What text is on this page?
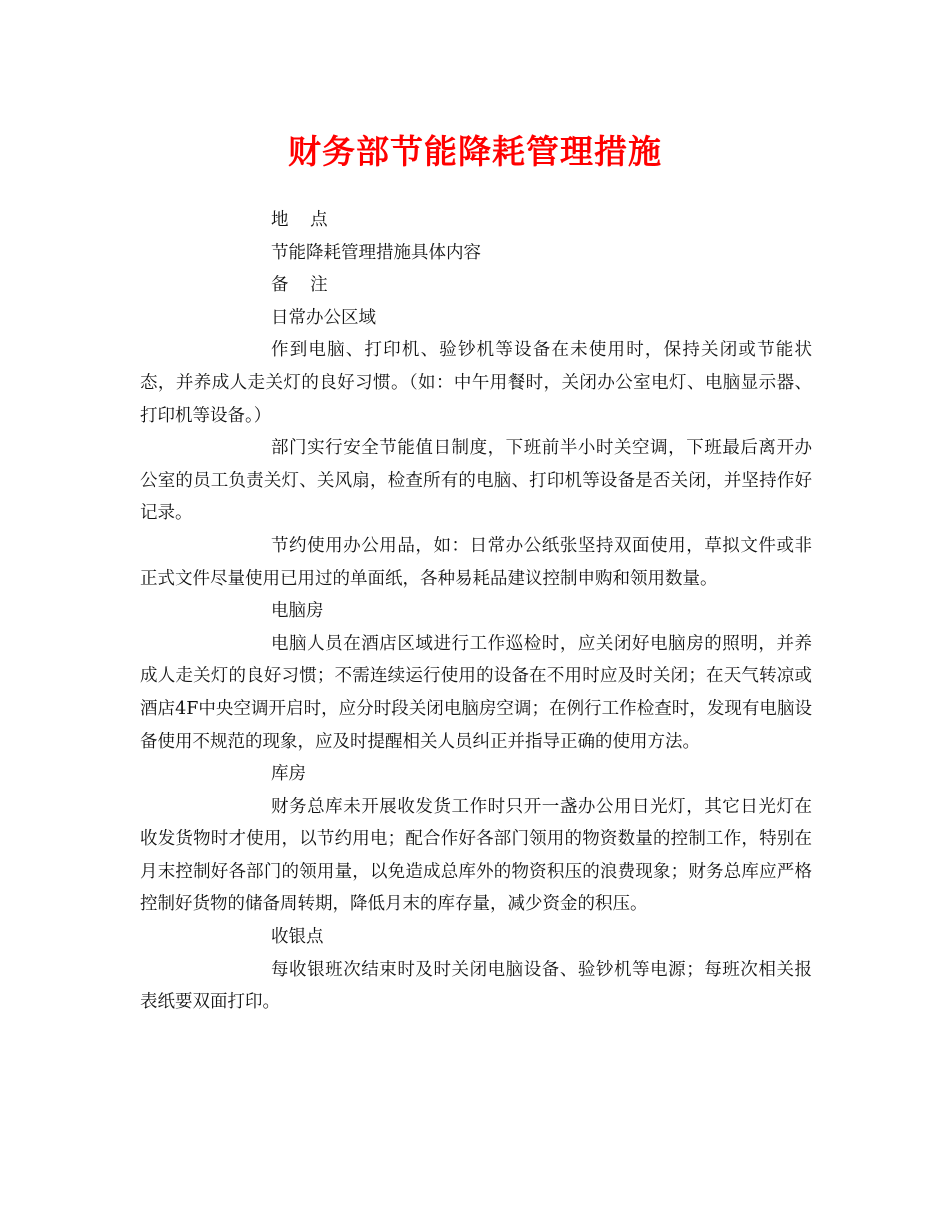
财务部节能降耗管理措施

地 点

节能降耗管理措施具体内容

备 注

日常办公区域

作到电脑、打印机、验钞机等设备在未使用时，保持关闭或节能状态，并养成人走关灯的良好习惯。（如：中午用餐时，关闭办公室电灯、电脑显示器、打印机等设备。）

部门实行安全节能值日制度，下班前半小时关空调，下班最后离开办公室的员工负责关灯、关风扇，检查所有的电脑、打印机等设备是否关闭，并坚持作好记录。

节约使用办公用品，如：日常办公纸张坚持双面使用，草拟文件或非正式文件尽量使用已用过的单面纸，各种易耗品建议控制申购和领用数量。

电脑房

电脑人员在酒店区域进行工作巡检时，应关闭好电脑房的照明，并养成人走关灯的良好习惯；不需连续运行使用的设备在不用时应及时关闭；在天气转凉或酒店4F中央空调开启时，应分时段关闭电脑房空调；在例行工作检查时，发现有电脑设备使用不规范的现象，应及时提醒相关人员纠正并指导正确的使用方法。

库房

财务总库未开展收发货工作时只开一盏办公用日光灯，其它日光灯在收发货物时才使用，以节约用电；配合作好各部门领用的物资数量的控制工作，特别在月末控制好各部门的领用量，以免造成总库外的物资积压的浪费现象；财务总库应严格控制好货物的储备周转期，降低月末的库存量，减少资金的积压。

收银点

每收银班次结束时及时关闭电脑设备、验钞机等电源；每班次相关报表纸要双面打印。
